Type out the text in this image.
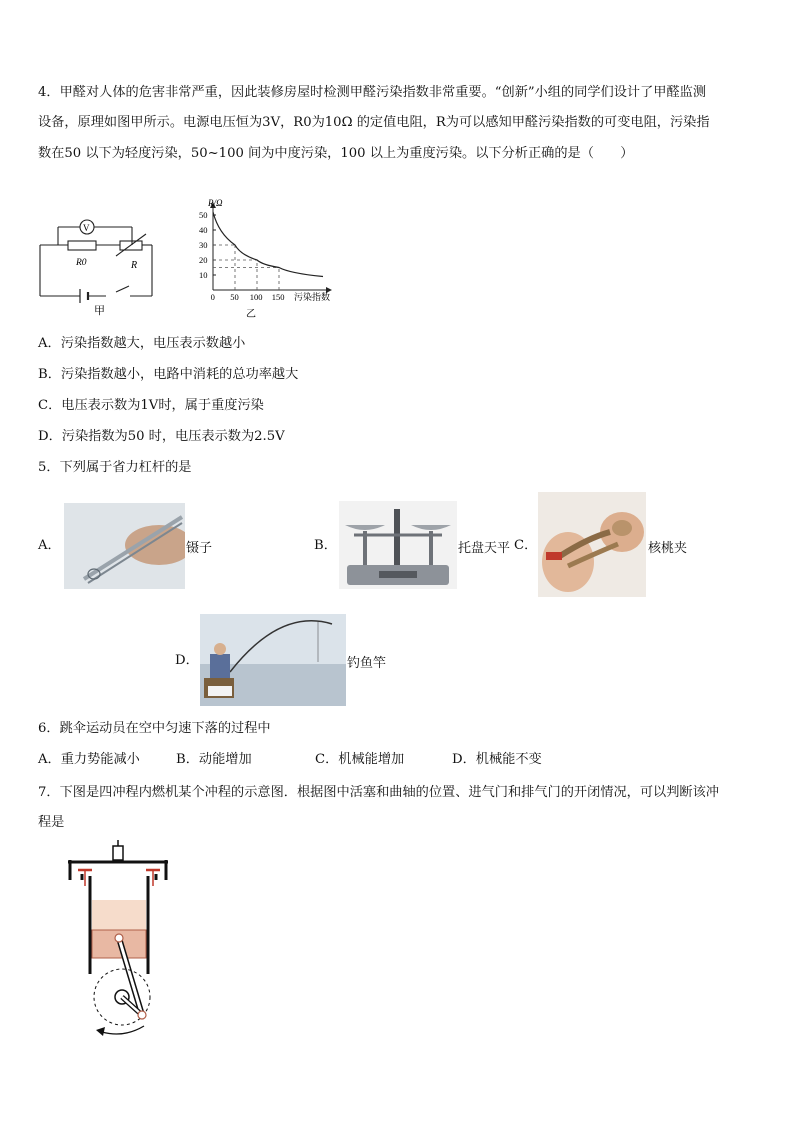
4．甲醛对人体的危害非常严重，因此装修房屋时检测甲醛污染指数非常重要。“创新”小组的同学们设计了甲醛监测
设备，原理如图甲所示。电源电压恒为3V，R0为10Ω 的定值电阻，R为可以感知甲醛污染指数的可变电阻，污染指
数在50 以下为轻度污染，50~100 间为中度污染，100 以上为重度污染。以下分析正确的是（　　）
V
R0	R
甲
10
20
30
40
50
0 50 100 150
R/Ω
污染指数
乙
A．污染指数越大，电压表示数越小
B．污染指数越小，电路中消耗的总功率越大
C．电压表示数为1V时，属于重度污染
D．污染指数为50 时，电压表示数为2.5V
5．下列属于省力杠杆的是
A．	镊子	B．	托盘天平 C．	核桃夹
D．	钓鱼竿
6．跳伞运动员在空中匀速下落的过程中
A．重力势能减小	B．动能增加	C．机械能增加	D．机械能不变
7．下图是四冲程内燃机某个冲程的示意图．根据图中活塞和曲轴的位置、进气门和排气门的开闭情况，可以判断该冲
程是
